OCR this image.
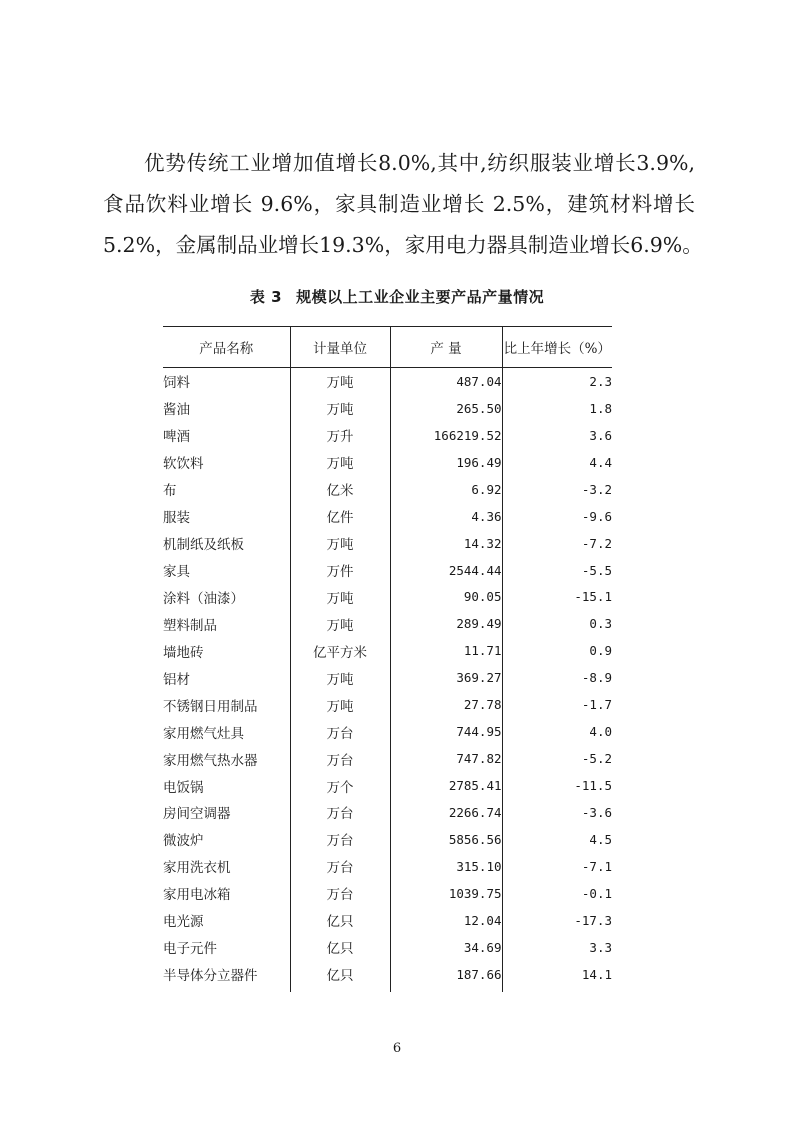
优势传统工业增加值增长8.0%,其中,纺织服装业增长3.9%,
食品饮料业增长 9.6%，家具制造业增长 2.5%，建筑材料增长
5.2%，金属制品业增长19.3%，家用电力器具制造业增长6.9%。

表 3 规模以上工业企业主要产品产量情况
产品名称	计量单位	产 量	比上年增长（%）
饲料	万吨	487.04	2.3
酱油	万吨	265.50	1.8
啤酒	万升	166219.52	3.6
软饮料	万吨	196.49	4.4
布	亿米	6.92	-3.2
服装	亿件	4.36	-9.6
机制纸及纸板	万吨	14.32	-7.2
家具	万件	2544.44	-5.5
涂料（油漆）	万吨	90.05	-15.1
塑料制品	万吨	289.49	0.3
墙地砖	亿平方米	11.71	0.9
铝材	万吨	369.27	-8.9
不锈钢日用制品	万吨	27.78	-1.7
家用燃气灶具	万台	744.95	4.0
家用燃气热水器	万台	747.82	-5.2
电饭锅	万个	2785.41	-11.5
房间空调器	万台	2266.74	-3.6
微波炉	万台	5856.56	4.5
家用洗衣机	万台	315.10	-7.1
家用电冰箱	万台	1039.75	-0.1
电光源	亿只	12.04	-17.3
电子元件	亿只	34.69	3.3
半导体分立器件	亿只	187.66	14.1
6
